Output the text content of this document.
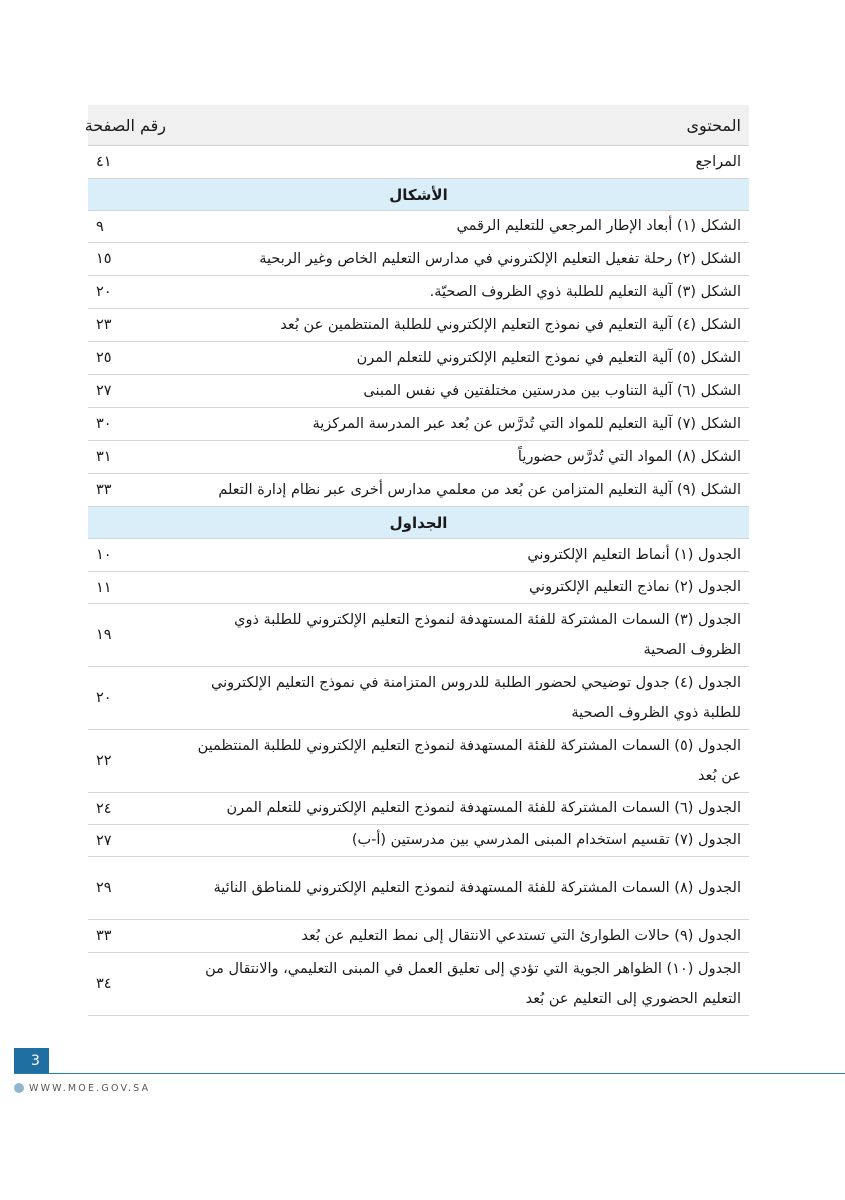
المحتوى	رقم الصفحة
المراجع	٤١
الأشكال	
الشكل (١) أبعاد الإطار المرجعي للتعليم الرقمي	٩
الشكل (٢) رحلة تفعيل التعليم الإلكتروني في مدارس التعليم الخاص وغير الربحية	١٥
الشكل (٣) آلية التعليم للطلبة ذوي الظروف الصحيّة.	٢٠
الشكل (٤) آلية التعليم في نموذج التعليم الإلكتروني للطلبة المنتظمين عن بُعد	٢٣
الشكل (٥) آلية التعليم في نموذج التعليم الإلكتروني للتعلم المرن	٢٥
الشكل (٦) آلية التناوب بين مدرستين مختلفتين في نفس المبنى	٢٧
الشكل (٧) آلية التعليم للمواد التي تُدرَّس عن بُعد عبر المدرسة المركزية	٣٠
الشكل (٨) المواد التي تُدرَّس حضورياً	٣١
الشكل (٩) آلية التعليم المتزامن عن بُعد من معلمي مدارس أخرى عبر نظام إدارة التعلم	٣٣
الجداول	
الجدول (١) أنماط التعليم الإلكتروني	١٠
الجدول (٢) نماذج التعليم الإلكتروني	١١
الجدول (٣) السمات المشتركة للفئة المستهدفة لنموذج التعليم الإلكتروني للطلبة ذوي الظروف الصحية	١٩
الجدول (٤) جدول توضيحي لحضور الطلبة للدروس المتزامنة في نموذج التعليم الإلكتروني للطلبة ذوي الظروف الصحية	٢٠
الجدول (٥) السمات المشتركة للفئة المستهدفة لنموذج التعليم الإلكتروني للطلبة المنتظمين عن بُعد	٢٢
الجدول (٦) السمات المشتركة للفئة المستهدفة لنموذج التعليم الإلكتروني للتعلم المرن	٢٤
الجدول (٧) تقسيم استخدام المبنى المدرسي بين مدرستين (أ-ب)	٢٧
الجدول (٨) السمات المشتركة للفئة المستهدفة لنموذج التعليم الإلكتروني للمناطق النائية	٢٩
الجدول (٩) حالات الطوارئ التي تستدعي الانتقال إلى نمط التعليم عن بُعد	٣٣
الجدول (١٠) الظواهر الجوية التي تؤدي إلى تعليق العمل في المبنى التعليمي، والانتقال من التعليم الحضوري إلى التعليم عن بُعد	٣٤
3
WWW.MOE.GOV.SA
